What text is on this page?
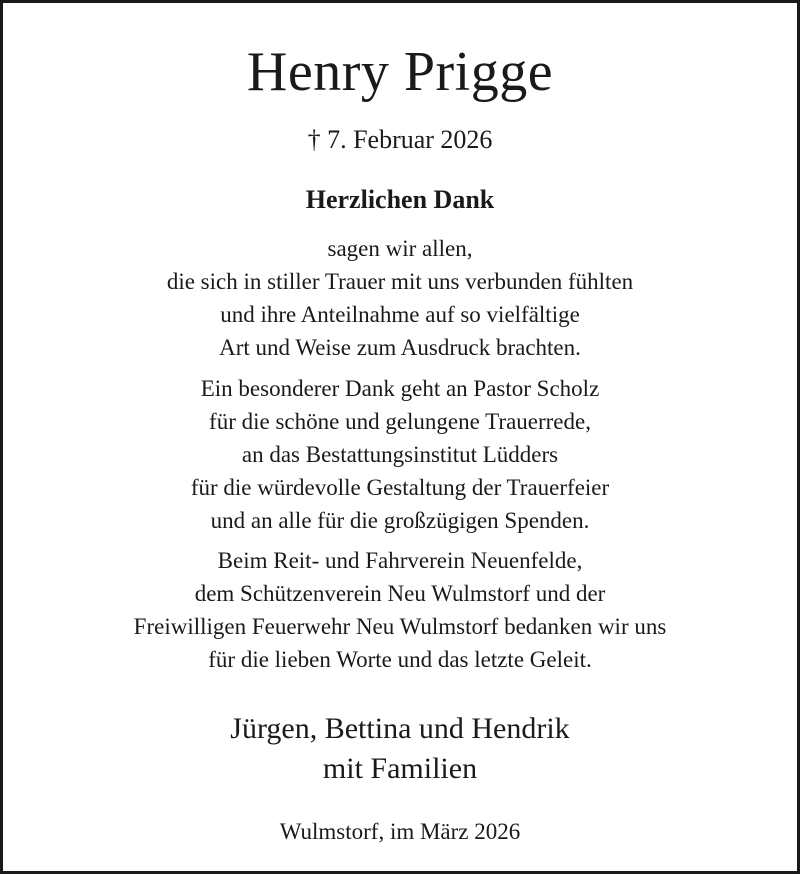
Henry Prigge
† 7. Februar 2026
Herzlichen Dank

sagen wir allen,
die sich in stiller Trauer mit uns verbunden fühlten
und ihre Anteilnahme auf so vielfältige
Art und Weise zum Ausdruck brachten.

Ein besonderer Dank geht an Pastor Scholz
für die schöne und gelungene Trauerrede,
an das Bestattungsinstitut Lüdders
für die würdevolle Gestaltung der Trauerfeier
und an alle für die großzügigen Spenden.

Beim Reit- und Fahrverein Neuenfelde,
dem Schützenverein Neu Wulmstorf und der
Freiwilligen Feuerwehr Neu Wulmstorf bedanken wir uns
für die lieben Worte und das letzte Geleit.

Jürgen, Bettina und Hendrik
mit Familien
Wulmstorf, im März 2026
